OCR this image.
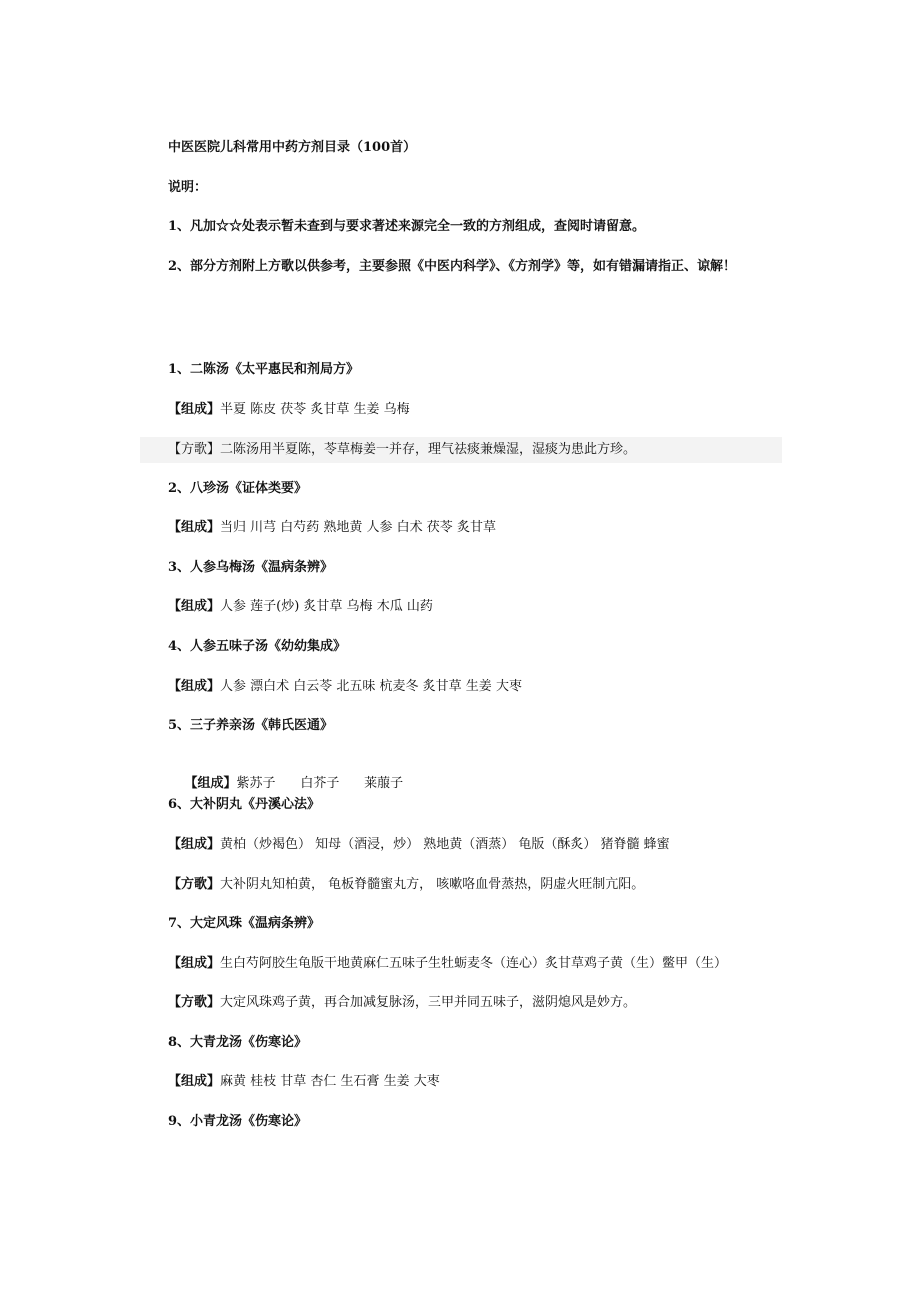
中医医院儿科常用中药方剂目录（100首）
说明：
1、凡加☆☆处表示暂未查到与要求著述来源完全一致的方剂组成，查阅时请留意。
2、部分方剂附上方歌以供参考，主要参照《中医内科学》、《方剂学》等，如有错漏请指正、谅解！
1、二陈汤《太平惠民和剂局方》
【组成】半夏 陈皮 茯苓 炙甘草 生姜 乌梅
【方歌】二陈汤用半夏陈，苓草梅姜一并存，理气祛痰兼燥湿，湿痰为患此方珍。
2、八珍汤《证体类要》
【组成】当归 川芎 白芍药 熟地黄 人参 白术 茯苓 炙甘草
3、人参乌梅汤《温病条辨》
【组成】人参 莲子(炒) 炙甘草 乌梅 木瓜 山药
4、人参五味子汤《幼幼集成》
【组成】人参 漂白术 白云苓 北五味 杭麦冬 炙甘草 生姜 大枣
5、三子养亲汤《韩氏医通》

【组成】紫苏子      白芥子      莱菔子

6、大补阴丸《丹溪心法》
【组成】黄柏（炒褐色） 知母（酒浸，炒） 熟地黄（酒蒸） 龟版（酥炙） 猪脊髓 蜂蜜
【方歌】大补阴丸知柏黄， 龟板脊髓蜜丸方， 咳嗽咯血骨蒸热，阴虚火旺制亢阳。
7、大定风珠《温病条辨》
【组成】生白芍阿胶生龟版干地黄麻仁五味子生牡蛎麦冬（连心）炙甘草鸡子黄（生）鳖甲（生）
【方歌】大定风珠鸡子黄，再合加减复脉汤，三甲并同五味子，滋阴熄风是妙方。
8、大青龙汤《伤寒论》
【组成】麻黄 桂枝 甘草 杏仁 生石膏 生姜 大枣
9、小青龙汤《伤寒论》
